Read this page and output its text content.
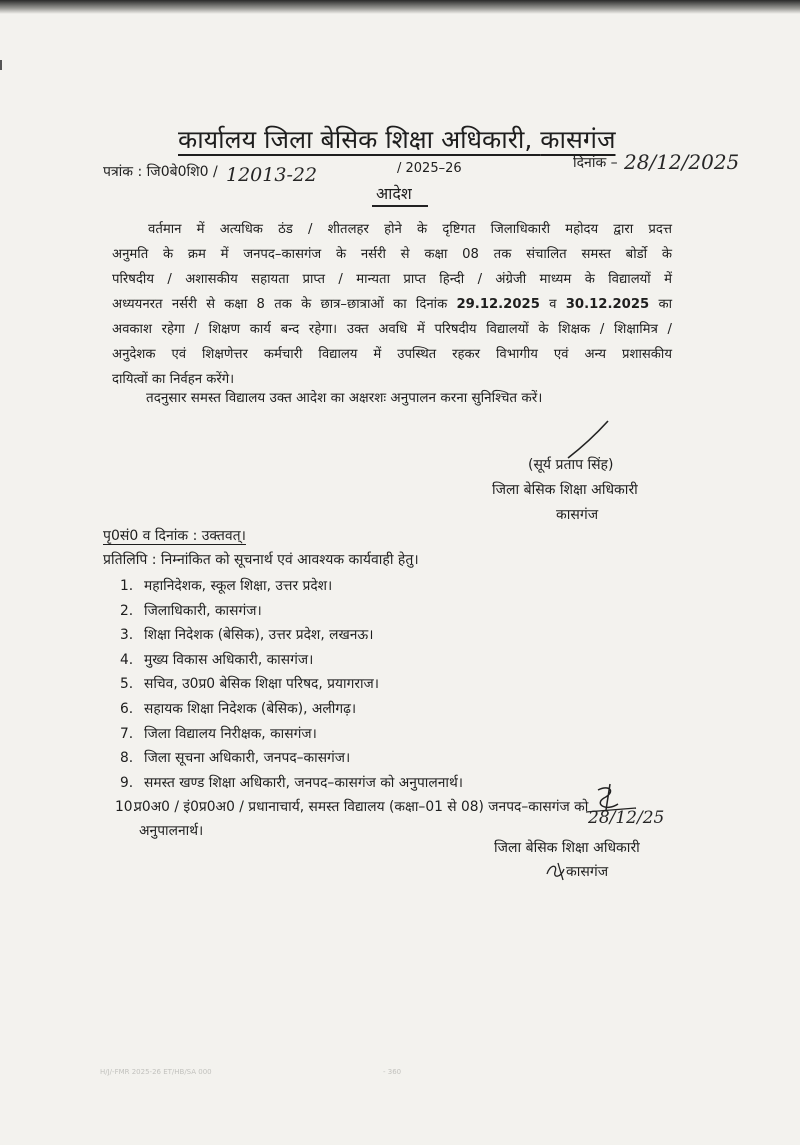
कार्यालय जिला बेसिक शिक्षा अधिकारी, कासगंज
पत्रांक : जि0बे0शि0 / 12013-22	/ 2025–26	दिनांक – 28/12/2025
आदेश
वर्तमान में अत्यधिक ठंड / शीतलहर होने के दृष्टिगत जिलाधिकारी महोदय द्वारा प्रदत्त
अनुमति के क्रम में जनपद–कासगंज के नर्सरी से कक्षा 08 तक संचालित समस्त बोर्डो के
परिषदीय / अशासकीय सहायता प्राप्त / मान्यता प्राप्त हिन्दी / अंग्रेजी माध्यम के विद्यालयों में
अध्ययनरत नर्सरी से कक्षा 8 तक के छात्र–छात्राओं का दिनांक 29.12.2025 व 30.12.2025 का
अवकाश रहेगा / शिक्षण कार्य बन्द रहेगा। उक्त अवधि में परिषदीय विद्यालयों के शिक्षक / शिक्षामित्र /
अनुदेशक एवं शिक्षणेत्तर कर्मचारी विद्यालय में उपस्थित रहकर विभागीय एवं अन्य प्रशासकीय
दायित्वों का निर्वहन करेंगे।
तदनुसार समस्त विद्यालय उक्त आदेश का अक्षरशः अनुपालन करना सुनिश्चित करें।
(सूर्य प्रताप सिंह)
जिला बेसिक शिक्षा अधिकारी
कासगंज
पृ0सं0 व दिनांक : उक्तवत्।
प्रतिलिपि : निम्नांकित को सूचनार्थ एवं आवश्यक कार्यवाही हेतु।
1. महानिदेशक, स्कूल शिक्षा, उत्तर प्रदेश।
2. जिलाधिकारी, कासगंज।
3. शिक्षा निदेशक (बेसिक), उत्तर प्रदेश, लखनऊ।
4. मुख्य विकास अधिकारी, कासगंज।
5. सचिव, उ0प्र0 बेसिक शिक्षा परिषद, प्रयागराज।
6. सहायक शिक्षा निदेशक (बेसिक), अलीगढ़।
7. जिला विद्यालय निरीक्षक, कासगंज।
8. जिला सूचना अधिकारी, जनपद–कासगंज।
9. समस्त खण्ड शिक्षा अधिकारी, जनपद–कासगंज को अनुपालनार्थ।
10.प्र0अ0 / इं0प्र0अ0 / प्रधानाचार्य, समस्त विद्यालय (कक्षा–01 से 08) जनपद–कासगंज को
अनुपालनार्थ।
28/12/25
जिला बेसिक शिक्षा अधिकारी
कासगंज
H/J/-FMR 2025-26 ET/HB/SA 000	- 360
